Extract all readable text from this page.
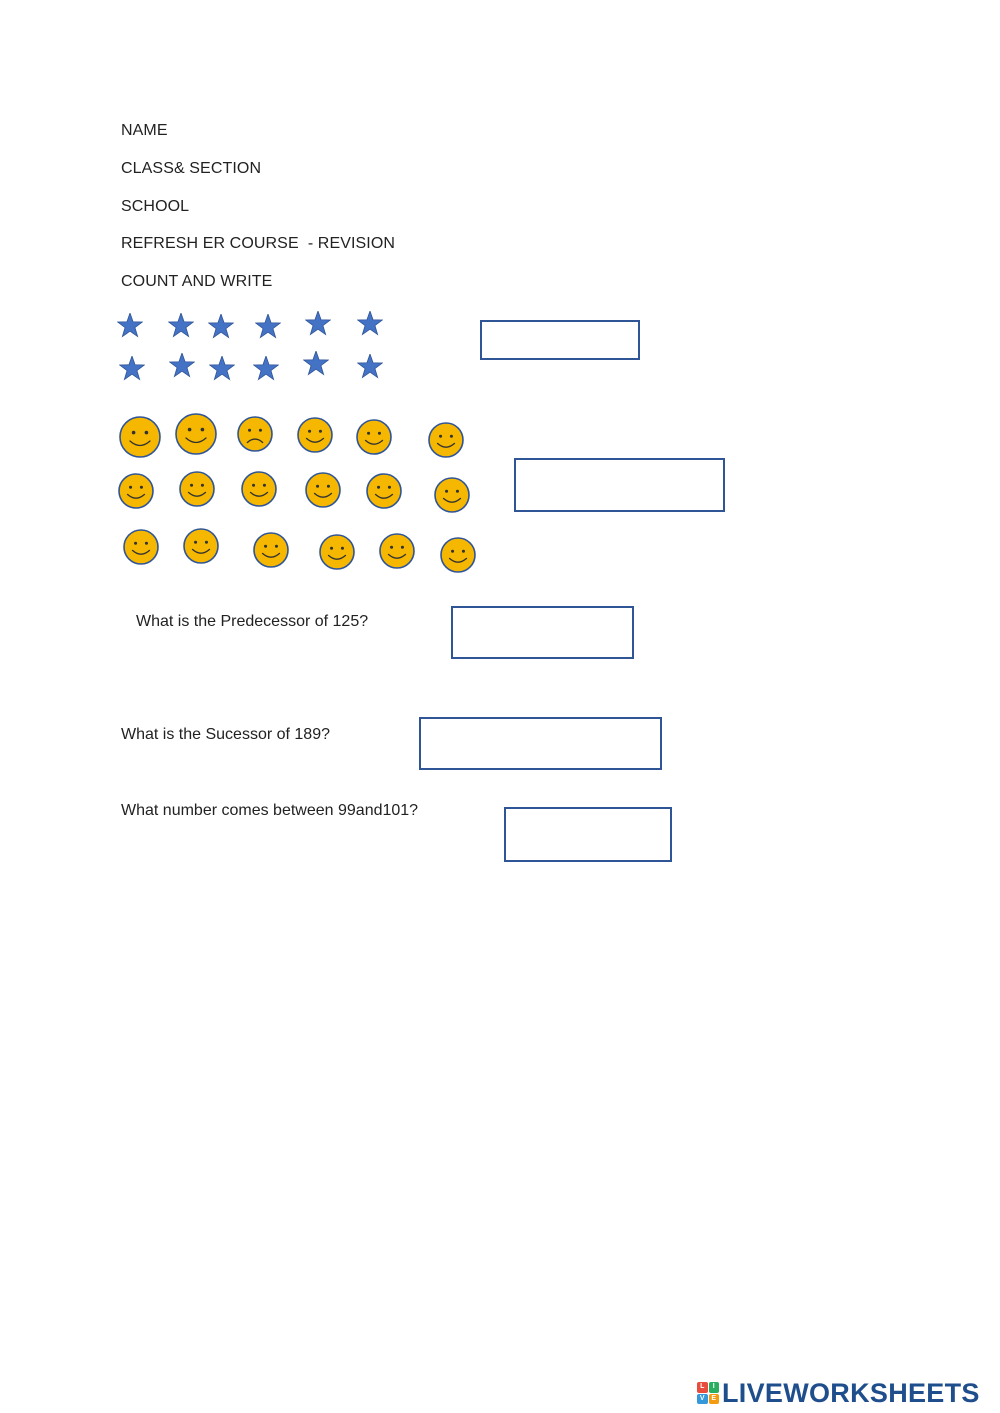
NAME
CLASS& SECTION
SCHOOL
REFRESH ER COURSE  - REVISION
COUNT AND WRITE
What is the Predecessor of 125?
What is the Sucessor of 189?
What number comes between 99and101?
L	I
V E LIVEWORKSHEETS
